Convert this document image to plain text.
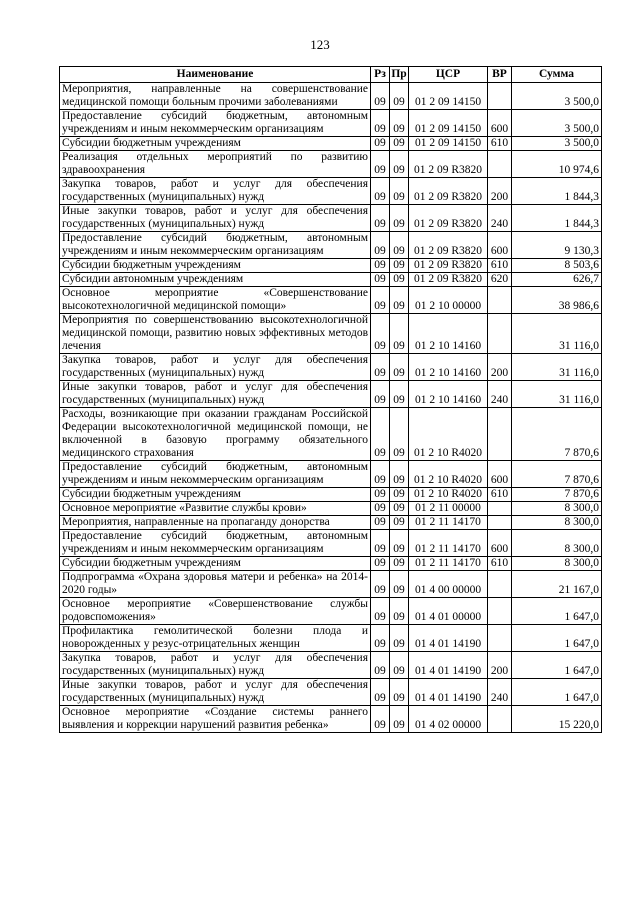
123
Наименование	Рз	Пр	ЦСР	ВР	Сумма
Мероприятия, направленные на совершенствование медицинской помощи больным прочими заболеваниями	09	09	01 2 09 14150		3 500,0
Предоставление субсидий бюджетным, автономным учреждениям и иным некоммерческим организациям	09	09	01 2 09 14150	600	3 500,0
Субсидии бюджетным учреждениям	09	09	01 2 09 14150	610	3 500,0
Реализация отдельных мероприятий по развитию здравоохранения	09	09	01 2 09 R3820		10 974,6
Закупка товаров, работ и услуг для обеспечения государственных (муниципальных) нужд	09	09	01 2 09 R3820	200	1 844,3
Иные закупки товаров, работ и услуг для обеспечения государственных (муниципальных) нужд	09	09	01 2 09 R3820	240	1 844,3
Предоставление субсидий бюджетным, автономным учреждениям и иным некоммерческим организациям	09	09	01 2 09 R3820	600	9 130,3
Субсидии бюджетным учреждениям	09	09	01 2 09 R3820	610	8 503,6
Субсидии автономным учреждениям	09	09	01 2 09 R3820	620	626,7
Основное мероприятие «Совершенствование высокотехнологичной медицинской помощи»	09	09	01 2 10 00000		38 986,6
Мероприятия по совершенствованию высокотехнологичной медицинской помощи, развитию новых эффективных методов лечения	09	09	01 2 10 14160		31 116,0
Закупка товаров, работ и услуг для обеспечения государственных (муниципальных) нужд	09	09	01 2 10 14160	200	31 116,0
Иные закупки товаров, работ и услуг для обеспечения государственных (муниципальных) нужд	09	09	01 2 10 14160	240	31 116,0
Расходы, возникающие при оказании гражданам Российской Федерации высокотехнологичной медицинской помощи, не включенной в базовую программу обязательного медицинского страхования	09	09	01 2 10 R4020		7 870,6
Предоставление субсидий бюджетным, автономным учреждениям и иным некоммерческим организациям	09	09	01 2 10 R4020	600	7 870,6
Субсидии бюджетным учреждениям	09	09	01 2 10 R4020	610	7 870,6
Основное мероприятие «Развитие службы крови»	09	09	01 2 11 00000		8 300,0
Мероприятия, направленные на пропаганду донорства	09	09	01 2 11 14170		8 300,0
Предоставление субсидий бюджетным, автономным учреждениям и иным некоммерческим организациям	09	09	01 2 11 14170	600	8 300,0
Субсидии бюджетным учреждениям	09	09	01 2 11 14170	610	8 300,0
Подпрограмма «Охрана здоровья матери и ребенка» на 2014-2020 годы»	09	09	01 4 00 00000		21 167,0
Основное мероприятие «Совершенствование службы родовспоможения»	09	09	01 4 01 00000		1 647,0
Профилактика гемолитической болезни плода и новорожденных у резус-отрицательных женщин	09	09	01 4 01 14190		1 647,0
Закупка товаров, работ и услуг для обеспечения государственных (муниципальных) нужд	09	09	01 4 01 14190	200	1 647,0
Иные закупки товаров, работ и услуг для обеспечения государственных (муниципальных) нужд	09	09	01 4 01 14190	240	1 647,0
Основное мероприятие «Создание системы раннего выявления и коррекции нарушений развития ребенка»	09	09	01 4 02 00000		15 220,0
